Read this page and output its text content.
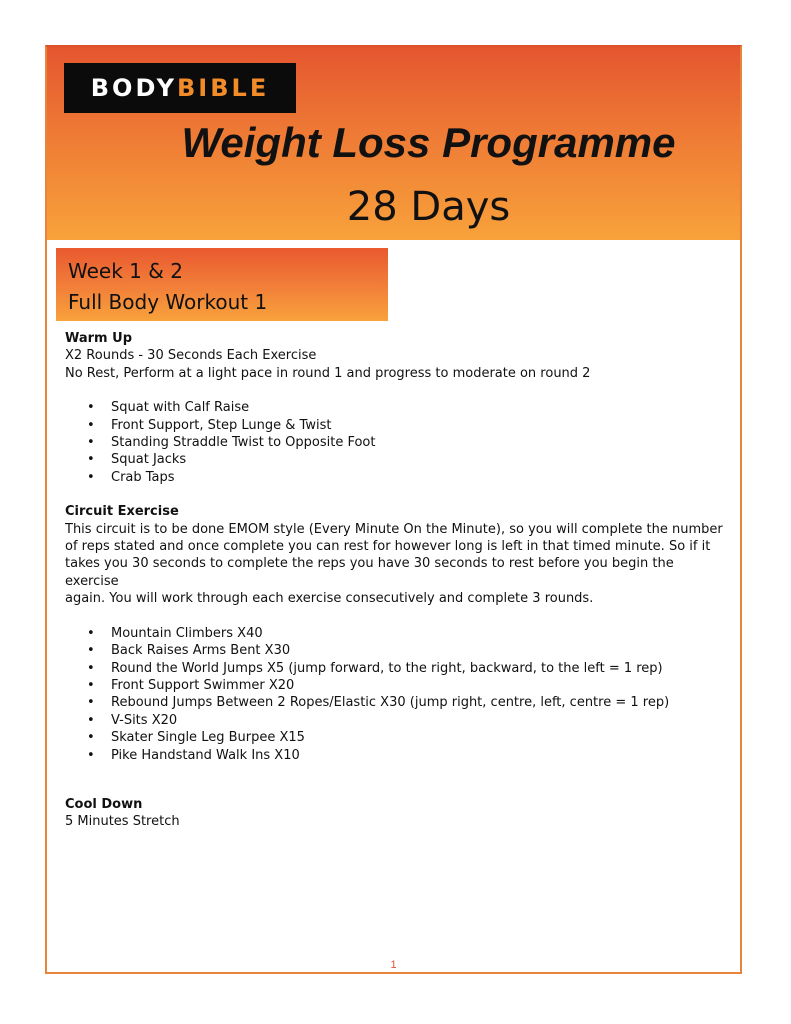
BODY BIBLE
Weight Loss Programme
28 Days
Week 1 & 2
Full Body Workout 1
Warm Up
X2 Rounds - 30 Seconds Each Exercise
No Rest, Perform at a light pace in round 1 and progress to moderate on round 2
• Squat with Calf Raise
• Front Support, Step Lunge & Twist
• Standing Straddle Twist to Opposite Foot
• Squat Jacks
• Crab Taps
Circuit Exercise
This circuit is to be done EMOM style (Every Minute On the Minute), so you will complete the number
of reps stated and once complete you can rest for however long is left in that timed minute. So if it
takes you 30 seconds to complete the reps you have 30 seconds to rest before you begin the exercise
again. You will work through each exercise consecutively and complete 3 rounds.
• Mountain Climbers X40
• Back Raises Arms Bent X30
• Round the World Jumps X5 (jump forward, to the right, backward, to the left = 1 rep)
• Front Support Swimmer X20
• Rebound Jumps Between 2 Ropes/Elastic X30 (jump right, centre, left, centre = 1 rep)
• V-Sits X20
• Skater Single Leg Burpee X15
• Pike Handstand Walk Ins X10
Cool Down
5 Minutes Stretch
1
